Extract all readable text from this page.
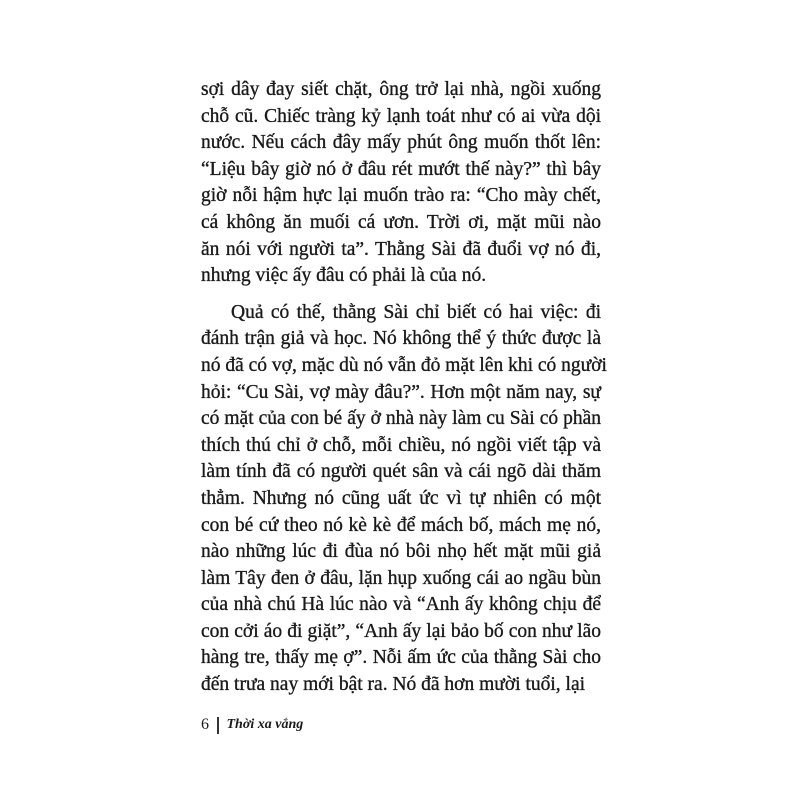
sợi dây đay siết chặt, ông trở lại nhà, ngồi xuống
chỗ cũ. Chiếc tràng kỷ lạnh toát như có ai vừa dội
nước. Nếu cách đây mấy phút ông muốn thốt lên:
“Liệu bây giờ nó ở đâu rét mướt thế này?” thì bây
giờ nỗi hậm hực lại muốn trào ra: “Cho mày chết,
cá không ăn muối cá ươn. Trời ơi, mặt mũi nào
ăn nói với người ta”. Thằng Sài đã đuổi vợ nó đi,
nhưng việc ấy đâu có phải là của nó.
Quả có thế, thằng Sài chỉ biết có hai việc: đi
đánh trận giả và học. Nó không thể ý thức được là
nó đã có vợ, mặc dù nó vẫn đỏ mặt lên khi có người
hỏi: “Cu Sài, vợ mày đâu?”. Hơn một năm nay, sự
có mặt của con bé ấy ở nhà này làm cu Sài có phần
thích thú chỉ ở chỗ, mỗi chiều, nó ngồi viết tập và
làm tính đã có người quét sân và cái ngõ dài thăm
thẳm. Nhưng nó cũng uất ức vì tự nhiên có một
con bé cứ theo nó kè kè để mách bố, mách mẹ nó,
nào những lúc đi đùa nó bôi nhọ hết mặt mũi giả
làm Tây đen ở đâu, lặn hụp xuống cái ao ngầu bùn
của nhà chú Hà lúc nào và “Anh ấy không chịu để
con cởi áo đi giặt”, “Anh ấy lại bảo bố con như lão
hàng tre, thấy mẹ ợ”. Nỗi ấm ức của thằng Sài cho
đến trưa nay mới bật ra. Nó đã hơn mười tuổi, lại
6 Thời xa vắng
